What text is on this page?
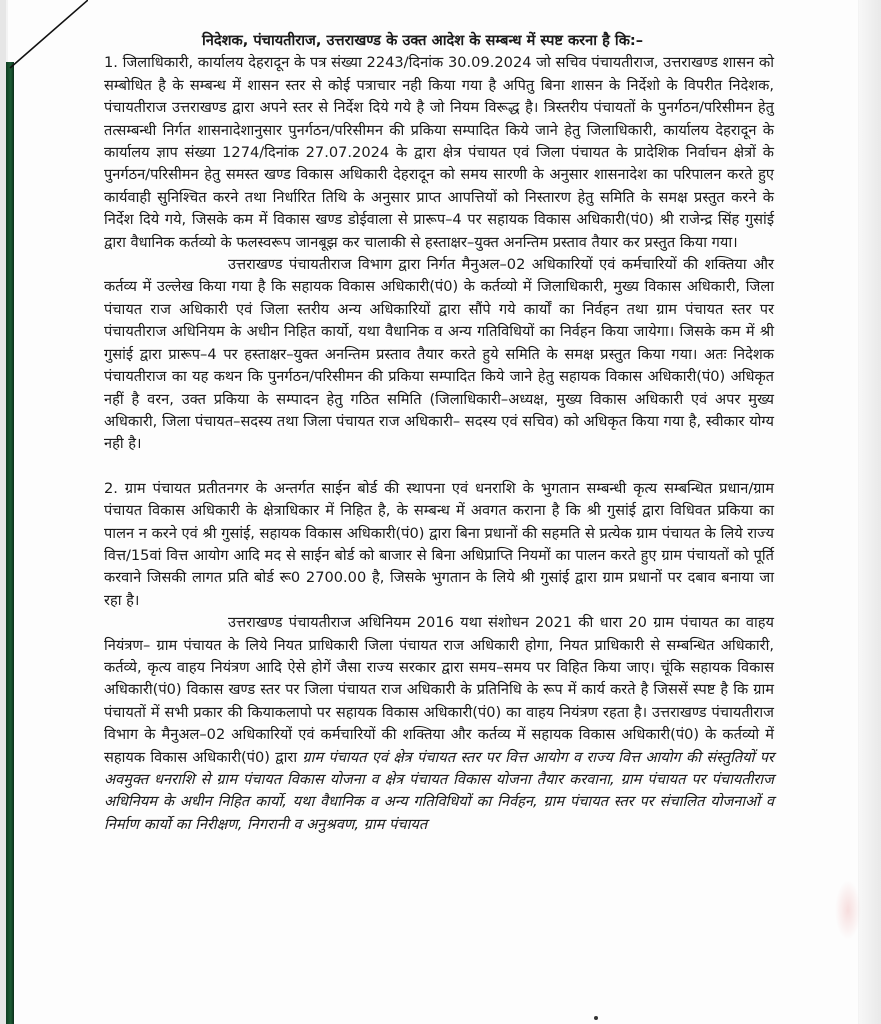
निदेशक, पंचायतीराज, उत्तराखण्ड के उक्त आदेश के सम्बन्ध में स्पष्ट करना है कि:–

1. जिलाधिकारी, कार्यालय देहरादून के पत्र संख्या 2243/दिनांक 30.09.2024 जो सचिव पंचायतीराज, उत्तराखण्ड शासन को सम्बोधित है के सम्बन्ध में शासन स्तर से कोई पत्राचार नही किया गया है अपितु बिना शासन के निर्देशो के विपरीत निदेशक, पंचायतीराज उत्तराखण्ड द्वारा अपने स्तर से निर्देश दिये गये है जो नियम विरूद्ध है। त्रिस्तरीय पंचायतों के पुनर्गठन/परिसीमन हेतु तत्सम्बन्धी निर्गत शासनादेशानुसार पुनर्गठन/परिसीमन की प्रकिया सम्पादित किये जाने हेतु जिलाधिकारी, कार्यालय देहरादून के कार्यालय ज्ञाप संख्या 1274/दिनांक 27.07.2024 के द्वारा क्षेत्र पंचायत एवं जिला पंचायत के प्रादेशिक निर्वाचन क्षेत्रों के पुनर्गठन/परिसीमन हेतु समस्त खण्ड विकास अधिकारी देहरादून को समय सारणी के अनुसार शासनादेश का परिपालन करते हुए कार्यवाही सुनिश्चित करने तथा निर्धारित तिथि के अनुसार प्राप्त आपत्तियों को निस्तारण हेतु समिति के समक्ष प्रस्तुत करने के निर्देश दिये गये, जिसके कम में विकास खण्ड डोईवाला से प्रारूप–4 पर सहायक विकास अधिकारी(पं0) श्री राजेन्द्र सिंह गुसांई द्वारा वैधानिक कर्तव्यो के फलस्वरूप जानबूझ कर चालाकी से हस्ताक्षर–युक्त अनन्तिम प्रस्ताव तैयार कर प्रस्तुत किया गया।

उत्तराखण्ड पंचायतीराज विभाग द्वारा निर्गत मैनुअल–02 अधिकारियों एवं कर्मचारियों की शक्तिया और कर्तव्य में उल्लेख किया गया है कि सहायक विकास अधिकारी(पं0) के कर्तव्यो में जिलाधिकारी, मुख्य विकास अधिकारी, जिला पंचायत राज अधिकारी एवं जिला स्तरीय अन्य अधिकारियों द्वारा सौंपे गये कार्यों का निर्वहन तथा ग्राम पंचायत स्तर पर पंचायतीराज अधिनियम के अधीन निहित कार्यो, यथा वैधानिक व अन्य गतिविधियों का निर्वहन किया जायेगा। जिसके कम में श्री गुसांई द्वारा प्रारूप–4 पर हस्ताक्षर–युक्त अनन्तिम प्रस्ताव तैयार करते हुये समिति के समक्ष प्रस्तुत किया गया। अतः निदेशक पंचायतीराज का यह कथन कि पुनर्गठन/परिसीमन की प्रकिया सम्पादित किये जाने हेतु सहायक विकास अधिकारी(पं0) अधिकृत नहीं है वरन, उक्त प्रकिया के सम्पादन हेतु गठित समिति (जिलाधिकारी–अध्यक्ष, मुख्य विकास अधिकारी एवं अपर मुख्य अधिकारी, जिला पंचायत–सदस्य तथा जिला पंचायत राज अधिकारी– सदस्य एवं सचिव) को अधिकृत किया गया है, स्वीकार योग्य नही है।

2. ग्राम पंचायत प्रतीतनगर के अन्तर्गत साईन बोर्ड की स्थापना एवं धनराशि के भुगतान सम्बन्धी कृत्य सम्बन्धित प्रधान/ग्राम पंचायत विकास अधिकारी के क्षेत्राधिकार में निहित है, के सम्बन्ध में अवगत कराना है कि श्री गुसांई द्वारा विधिवत प्रकिया का पालन न करने एवं श्री गुसांई, सहायक विकास अधिकारी(पं0) द्वारा बिना प्रधानों की सहमति से प्रत्येक ग्राम पंचायत के लिये राज्य वित्त/15वां वित्त आयोग आदि मद से साईन बोर्ड को बाजार से बिना अधिप्राप्ति नियमों का पालन करते हुए ग्राम पंचायतों को पूर्ति करवाने जिसकी लागत प्रति बोर्ड रू0 2700.00 है, जिसके भुगतान के लिये श्री गुसांई द्वारा ग्राम प्रधानों पर दबाव बनाया जा रहा है।

उत्तराखण्ड पंचायतीराज अधिनियम 2016 यथा संशोधन 2021 की धारा 20 ग्राम पंचायत का वाहय नियंत्रण– ग्राम पंचायत के लिये नियत प्राधिकारी जिला पंचायत राज अधिकारी होगा, नियत प्राधिकारी से सम्बन्धित अधिकारी, कर्तव्ये, कृत्य वाहय नियंत्रण आदि ऐसे होगें जैसा राज्य सरकार द्वारा समय–समय पर विहित किया जाए। चूंकि सहायक विकास अधिकारी(पं0) विकास खण्ड स्तर पर जिला पंचायत राज अधिकारी के प्रतिनिधि के रूप में कार्य करते है जिससें स्पष्ट है कि ग्राम पंचायतों में सभी प्रकार की कियाकलापो पर सहायक विकास अधिकारी(पं0) का वाहय नियंत्रण रहता है। उत्तराखण्ड पंचायतीराज विभाग के मैनुअल–02 अधिकारियों एवं कर्मचारियों की शक्तिया और कर्तव्य में सहायक विकास अधिकारी(पं0) के कर्तव्यो में सहायक विकास अधिकारी(पं0) द्वारा ग्राम पंचायत एवं क्षेत्र पंचायत स्तर पर वित्त आयोग व राज्य वित्त आयोग की संस्तुतियों पर अवमुक्त धनराशि से ग्राम पंचायत विकास योजना व क्षेत्र पंचायत विकास योजना तैयार करवाना, ग्राम पंचायत पर पंचायतीराज अधिनियम के अधीन निहित कार्यो, यथा वैधानिक व अन्य गतिविधियों का निर्वहन, ग्राम पंचायत स्तर पर संचालित योजनाओं व निर्माण कार्यो का निरीक्षण, निगरानी व अनुश्रवण, ग्राम पंचायत
